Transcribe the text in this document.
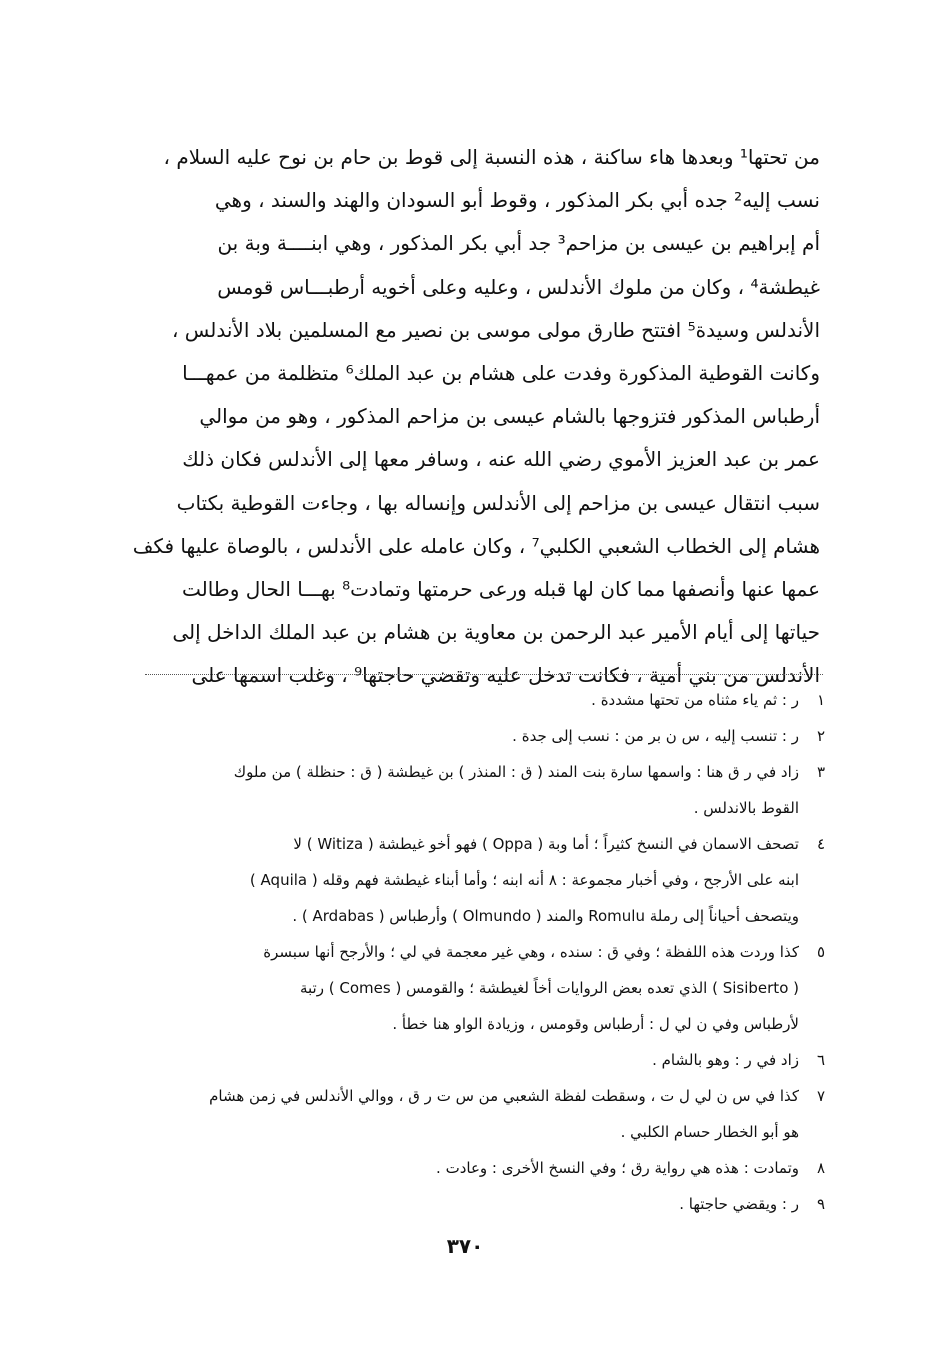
من تحتها¹ وبعدها هاء ساكنة ، هذه النسبة إلى قوط بن حام بن نوح عليه السلام ،
نسب إليه² جده أبي بكر المذكور ، وقوط أبو السودان والهند والسند ، وهي
أم إبراهيم بن عيسى بن مزاحم³ جد أبي بكر المذكور ، وهي ابنــــة وبة بن
غيطشة⁴ ، وكان من ملوك الأندلس ، وعليه وعلى أخويه أرطبـــاس قومس
الأندلس وسيدة⁵ افتتح طارق مولى موسى بن نصير مع المسلمين بلاد الأندلس ،
وكانت القوطية المذكورة وفدت على هشام بن عبد الملك⁶ متظلمة من عمهـــا
أرطباس المذكور فتزوجها بالشام عيسى بن مزاحم المذكور ، وهو من موالي
عمر بن عبد العزيز الأموي رضي الله عنه ، وسافر معها إلى الأندلس فكان ذلك
سبب انتقال عيسى بن مزاحم إلى الأندلس وإنساله بها ، وجاءت القوطية بكتاب
هشام إلى الخطاب الشعبي الكلبي⁷ ، وكان عامله على الأندلس ، بالوصاة عليها فكف
عمها عنها وأنصفها مما كان لها قبله ورعى حرمتها وتمادت⁸ بهـــا الحال وطالت
حياتها إلى أيام الأمير عبد الرحمن بن معاوية بن هشام بن عبد الملك الداخل إلى
الأندلس من بني أمية ، فكانت تدخل عليه وتقضي حاجتها⁹ ، وغلب اسمها على
١
ر : ثم ياء مثناه من تحتها مشددة .
٢
ر : تنسب إليه ، س ن بر من : نسب إلى جدة .
٣
زاد في ر ق هنا : واسمها سارة بنت المند ( ق : المنذر ) بن غيطشة ( ق : حنظلة ) من ملوك
القوط بالاندلس .
٤
تصحف الاسمان في النسخ كثيراً ؛ أما وبة ( Oppa ) فهو أخو غيطشة ( Witiza ) لا
ابنه على الأرجح ، وفي أخبار مجموعة : ٨ أنه ابنه ؛ وأما أبناء غيطشة فهم وقله ( Aquila )
ويتصحف أحياناً إلى رملة Romulu والمند ( Olmundo ) وأرطباس ( Ardabas ) .
٥
كذا وردت هذه اللفظة ؛ وفي ق : سنده ، وهي غير معجمة في لي ؛ والأرجح أنها سبسرة
( Sisiberto ) الذي تعده بعض الروايات أخاً لغيطشة ؛ والقومس ( Comes ) رتبة
لأرطباس وفي ن لي ل : أرطباس وقومس ، وزيادة الواو هنا خطأ .
٦
زاد في ر : وهو بالشام .
٧
كذا في س ن لي ل ت ، وسقطت لفظة الشعبي من س ت ر ق ، ووالي الأندلس في زمن هشام
هو أبو الخطار حسام الكلبي .
٨
وتمادت : هذه هي رواية رق ؛ وفي النسخ الأخرى : وعادت .
٩
ر : ويقضي حاجتها .
٣٧٠
